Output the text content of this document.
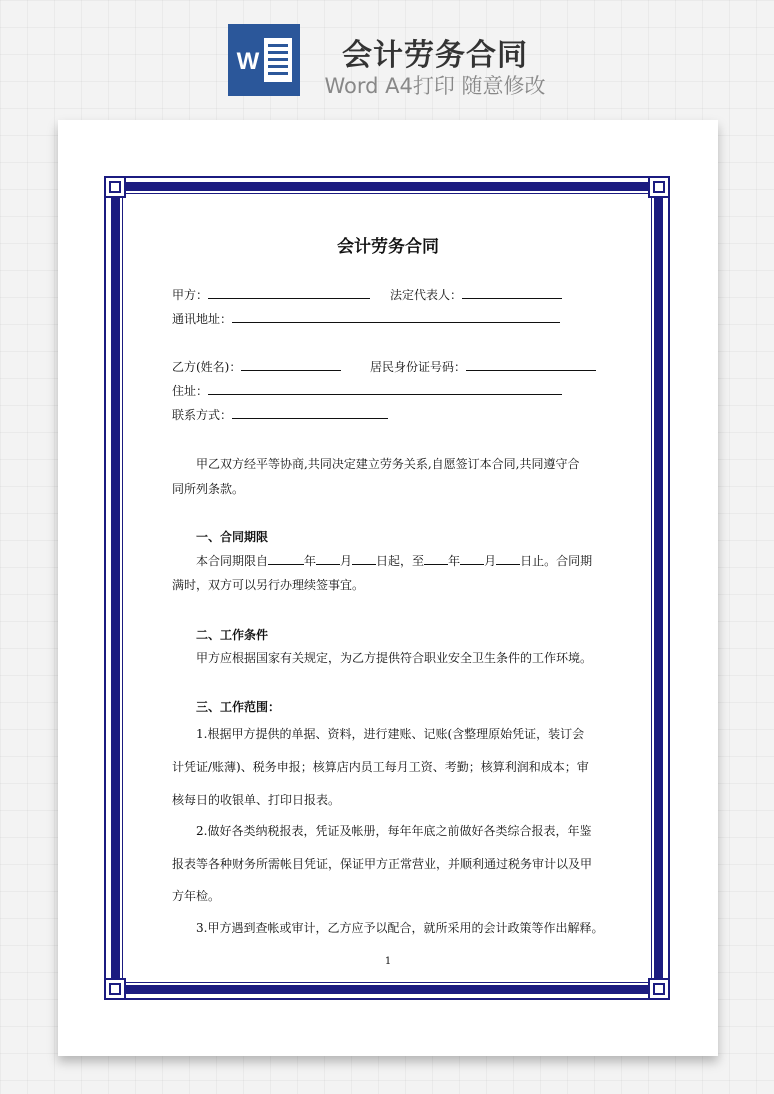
W	会计劳务合同
Word A4打印 随意修改
会计劳务合同
甲方：	法定代表人：
通讯地址：
乙方(姓名)：	居民身份证号码：
住址：
联系方式：
甲乙双方经平等协商,共同决定建立劳务关系,自愿签订本合同,共同遵守合
同所列条款。
一、合同期限
本合同期限自	年 月 日起，至 年 月 日止。合同期
满时，双方可以另行办理续签事宜。
二、工作条件
甲方应根据国家有关规定，为乙方提供符合职业安全卫生条件的工作环境。
三、工作范围：
1.根据甲方提供的单据、资料，进行建账、记账(含整理原始凭证，装订会
计凭证/账薄)、税务申报；核算店内员工每月工资、考勤；核算利润和成本；审
核每日的收银单、打印日报表。
2.做好各类纳税报表，凭证及帐册，每年年底之前做好各类综合报表，年鉴
报表等各种财务所需帐目凭证，保证甲方正常营业，并顺利通过税务审计以及甲
方年检。
3.甲方遇到查帐或审计，乙方应予以配合，就所采用的会计政策等作出解释。
1
